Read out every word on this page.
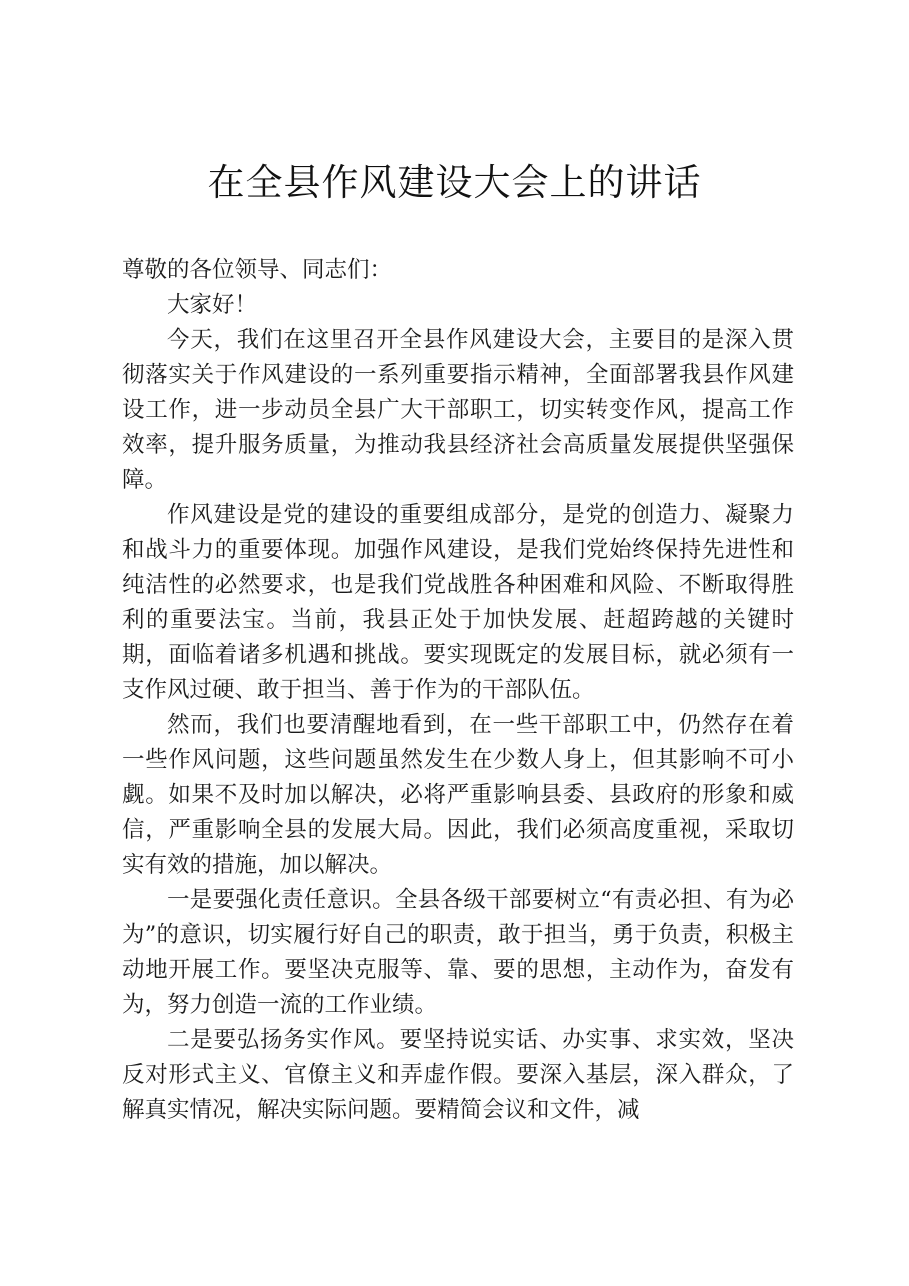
在全县作风建设大会上的讲话

尊敬的各位领导、同志们：

大家好！

今天，我们在这里召开全县作风建设大会，主要目的是深入贯彻落实关于作风建设的一系列重要指示精神，全面部署我县作风建设工作，进一步动员全县广大干部职工，切实转变作风，提高工作效率，提升服务质量，为推动我县经济社会高质量发展提供坚强保障。

作风建设是党的建设的重要组成部分，是党的创造力、凝聚力和战斗力的重要体现。加强作风建设，是我们党始终保持先进性和纯洁性的必然要求，也是我们党战胜各种困难和风险、不断取得胜利的重要法宝。当前，我县正处于加快发展、赶超跨越的关键时期，面临着诸多机遇和挑战。要实现既定的发展目标，就必须有一支作风过硬、敢于担当、善于作为的干部队伍。

然而，我们也要清醒地看到，在一些干部职工中，仍然存在着一些作风问题，这些问题虽然发生在少数人身上，但其影响不可小觑。如果不及时加以解决，必将严重影响县委、县政府的形象和威信，严重影响全县的发展大局。因此，我们必须高度重视，采取切实有效的措施，加以解决。

一是要强化责任意识。全县各级干部要树立“有责必担、有为必为”的意识，切实履行好自己的职责，敢于担当，勇于负责，积极主动地开展工作。要坚决克服等、靠、要的思想，主动作为，奋发有为，努力创造一流的工作业绩。

二是要弘扬务实作风。要坚持说实话、办实事、求实效，坚决反对形式主义、官僚主义和弄虚作假。要深入基层，深入群众，了解真实情况，解决实际问题。要精简会议和文件，减
